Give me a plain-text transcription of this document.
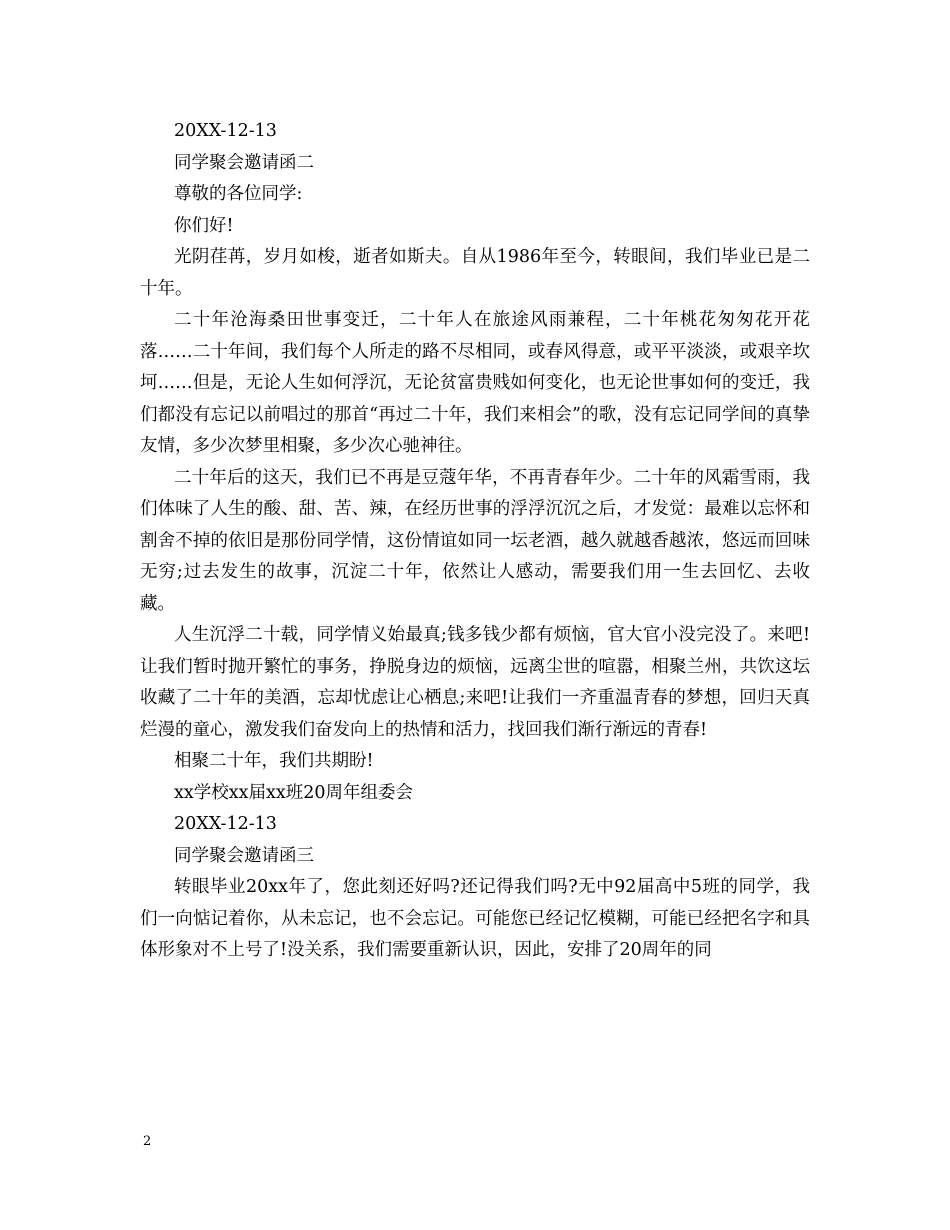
20XX-12-13

同学聚会邀请函二

尊敬的各位同学:

你们好!

光阴荏苒，岁月如梭，逝者如斯夫。自从1986年至今，转眼间，我们毕业已是二十年。

二十年沧海桑田世事变迁，二十年人在旅途风雨兼程，二十年桃花匆匆花开花落……二十年间，我们每个人所走的路不尽相同，或春风得意，或平平淡淡，或艰辛坎坷……但是，无论人生如何浮沉，无论贫富贵贱如何变化，也无论世事如何的变迁，我们都没有忘记以前唱过的那首“再过二十年，我们来相会”的歌，没有忘记同学间的真挚友情，多少次梦里相聚，多少次心驰神往。

二十年后的这天，我们已不再是豆蔻年华，不再青春年少。二十年的风霜雪雨，我们体味了人生的酸、甜、苦、辣，在经历世事的浮浮沉沉之后，才发觉：最难以忘怀和割舍不掉的依旧是那份同学情，这份情谊如同一坛老酒，越久就越香越浓，悠远而回味无穷;过去发生的故事，沉淀二十年，依然让人感动，需要我们用一生去回忆、去收藏。

人生沉浮二十载，同学情义始最真;钱多钱少都有烦恼，官大官小没完没了。来吧!让我们暂时抛开繁忙的事务，挣脱身边的烦恼，远离尘世的喧嚣，相聚兰州，共饮这坛收藏了二十年的美酒，忘却忧虑让心栖息;来吧!让我们一齐重温青春的梦想，回归天真烂漫的童心，激发我们奋发向上的热情和活力，找回我们渐行渐远的青春!

相聚二十年，我们共期盼!

xx学校xx届xx班20周年组委会

20XX-12-13

同学聚会邀请函三

转眼毕业20xx年了，您此刻还好吗?还记得我们吗?无中92届高中5班的同学，我们一向惦记着你，从未忘记，也不会忘记。可能您已经记忆模糊，可能已经把名字和具体形象对不上号了!没关系，我们需要重新认识，因此，安排了20周年的同

2
